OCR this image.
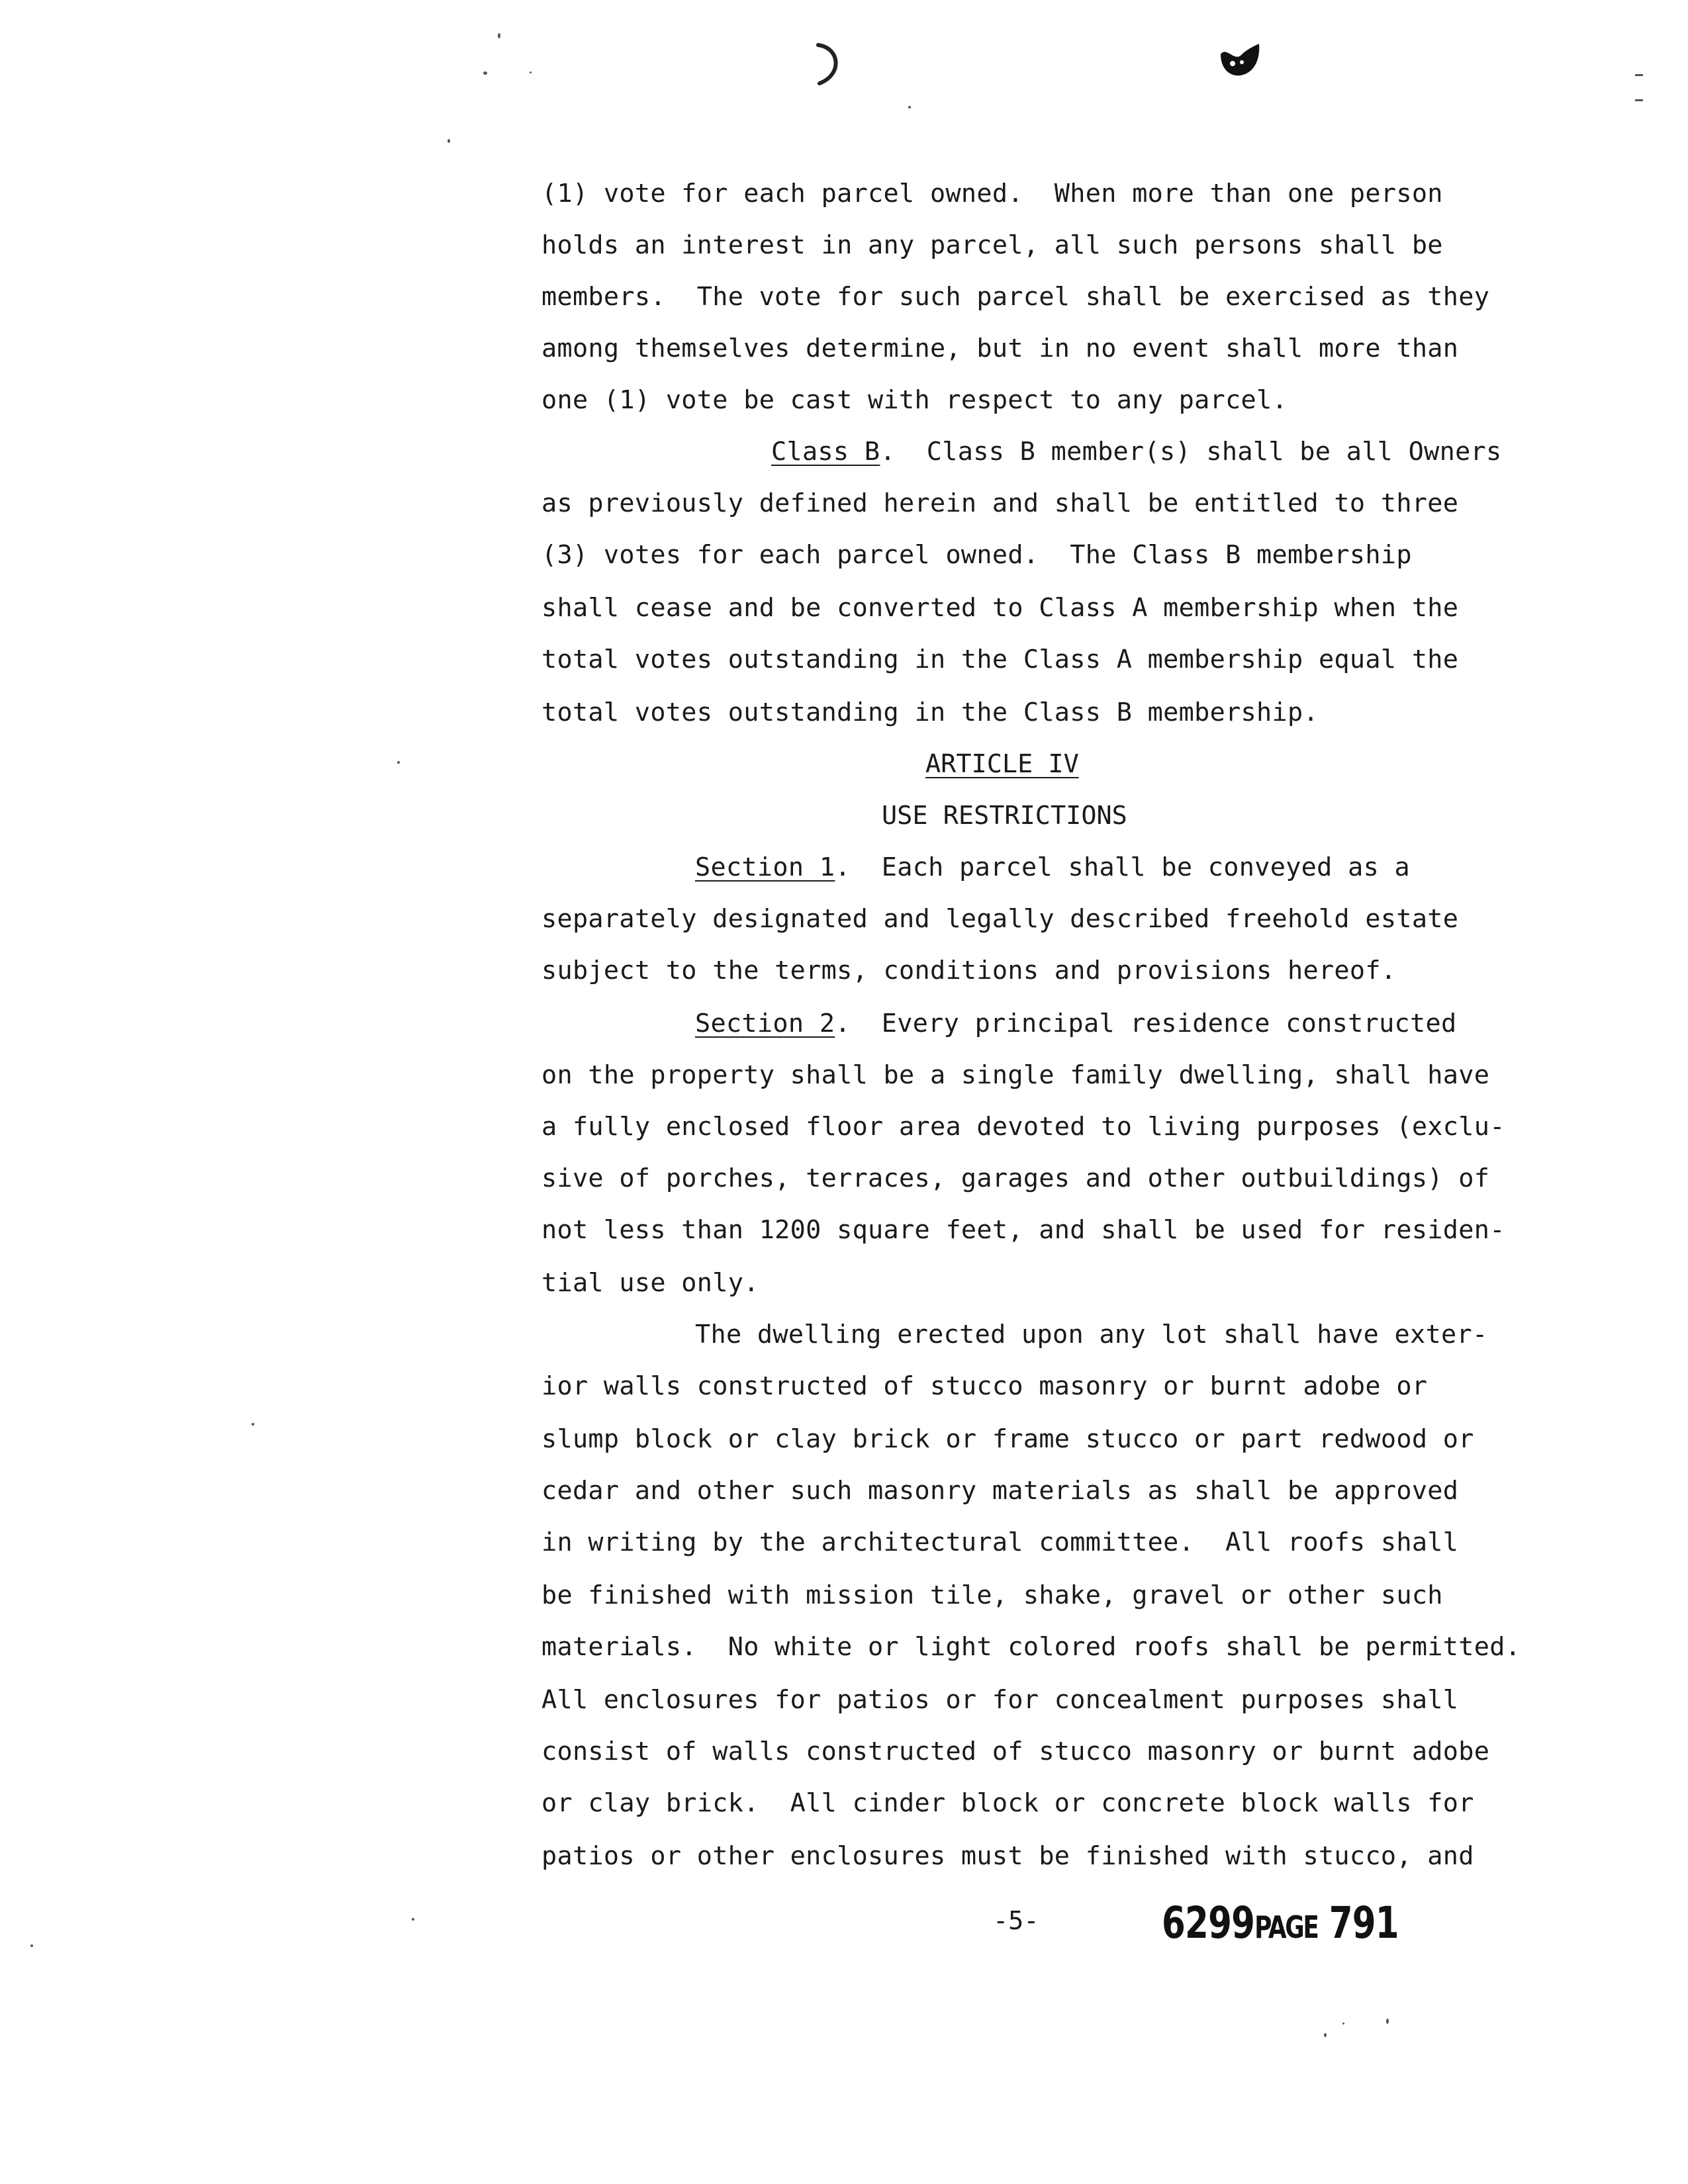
(1) vote for each parcel owned.  When more than one person
holds an interest in any parcel, all such persons shall be
members.  The vote for such parcel shall be exercised as they
among themselves determine, but in no event shall more than
one (1) vote be cast with respect to any parcel.
Class B.  Class B member(s) shall be all Owners
as previously defined herein and shall be entitled to three
(3) votes for each parcel owned.  The Class B membership
shall cease and be converted to Class A membership when the
total votes outstanding in the Class A membership equal the
total votes outstanding in the Class B membership.
ARTICLE IV
USE RESTRICTIONS
Section 1.  Each parcel shall be conveyed as a
separately designated and legally described freehold estate
subject to the terms, conditions and provisions hereof.
Section 2.  Every principal residence constructed
on the property shall be a single family dwelling, shall have
a fully enclosed floor area devoted to living purposes (exclu-
sive of porches, terraces, garages and other outbuildings) of
not less than 1200 square feet, and shall be used for residen-
tial use only.
The dwelling erected upon any lot shall have exter-
ior walls constructed of stucco masonry or burnt adobe or
slump block or clay brick or frame stucco or part redwood or
cedar and other such masonry materials as shall be approved
in writing by the architectural committee.  All roofs shall
be finished with mission tile, shake, gravel or other such
materials.  No white or light colored roofs shall be permitted.
All enclosures for patios or for concealment purposes shall
consist of walls constructed of stucco masonry or burnt adobe
or clay brick.  All cinder block or concrete block walls for
patios or other enclosures must be finished with stucco, and
-5-	6299PAGE 791
